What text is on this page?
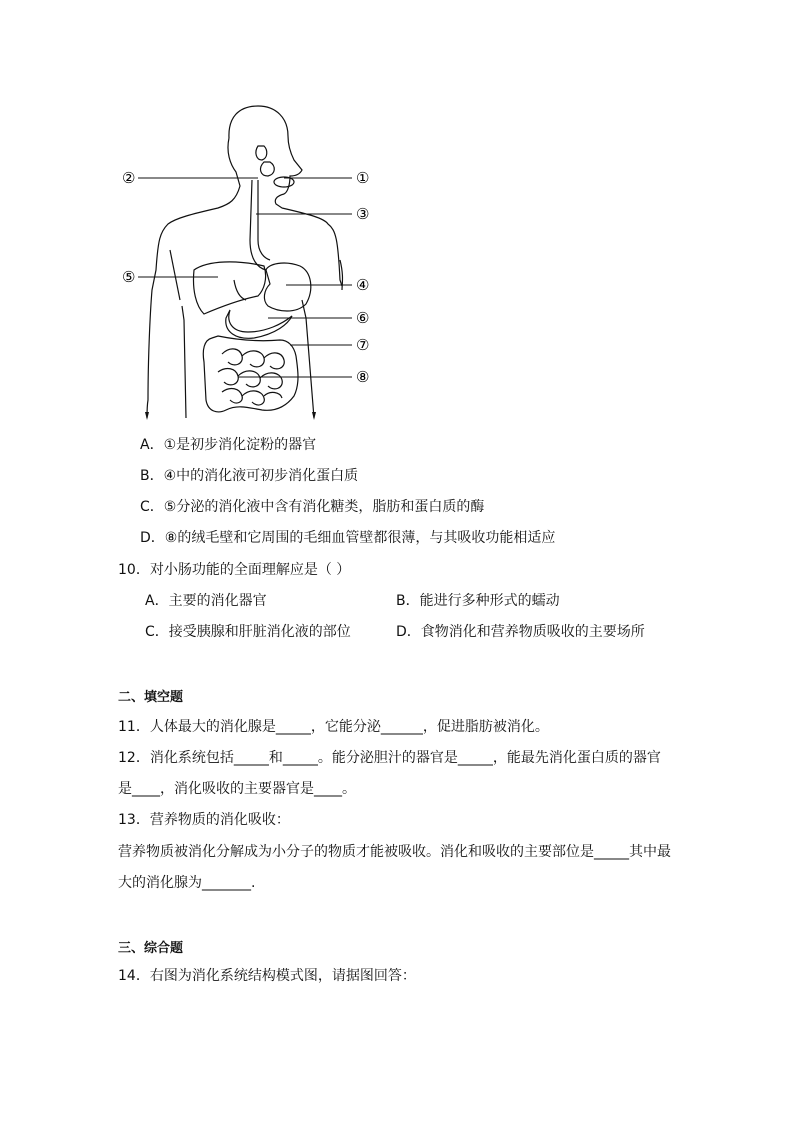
①
②
③
④
⑤
⑥
⑦
⑧
A．①是初步消化淀粉的器官
B．④中的消化液可初步消化蛋白质
C．⑤分泌的消化液中含有消化糖类，脂肪和蛋白质的酶
D．⑧的绒毛壁和它周围的毛细血管壁都很薄，与其吸收功能相适应
10．对小肠功能的全面理解应是（ ）
A．主要的消化器官	B．能进行多种形式的蠕动
C．接受胰腺和肝脏消化液的部位	D．食物消化和营养物质吸收的主要场所
二、填空题
11．人体最大的消化腺是_____，它能分泌______，促进脂肪被消化。
12．消化系统包括_____和_____。能分泌胆汁的器官是_____，能最先消化蛋白质的器官
是____，消化吸收的主要器官是____。
13．营养物质的消化吸收：
营养物质被消化分解成为小分子的物质才能被吸收。消化和吸收的主要部位是_____其中最
大的消化腺为_______.
三、综合题
14．右图为消化系统结构模式图，请据图回答：
